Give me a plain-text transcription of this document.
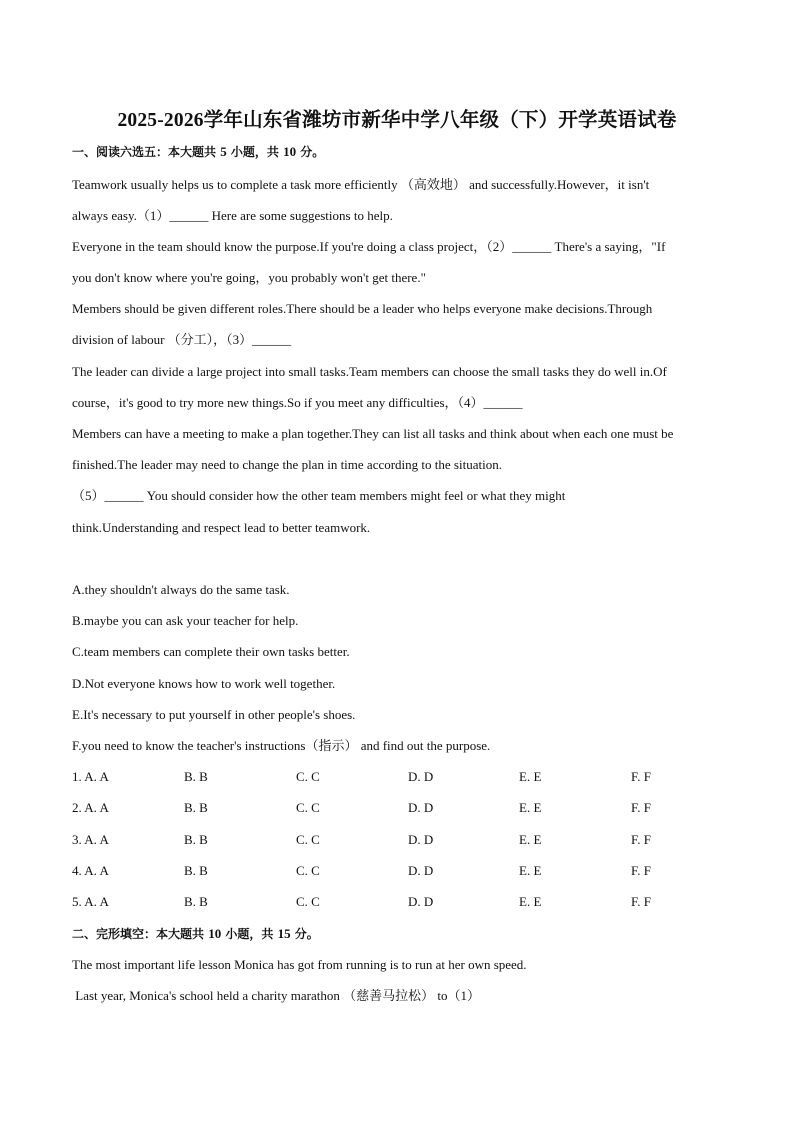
2025-2026学年山东省潍坊市新华中学八年级（下）开学英语试卷
一、阅读六选五：本大题共 5 小题，共 10 分。
Teamwork usually helps us to complete a task more efficiently （高效地） and successfully.However，it isn't
always easy.（1）______ Here are some suggestions to help.
Everyone in the team should know the purpose.If you're doing a class project，（2）______ There's a saying，"If
you don't know where you're going，you probably won't get there."
Members should be given different roles.There should be a leader who helps everyone make decisions.Through
division of labour （分工），（3）______
The leader can divide a large project into small tasks.Team members can choose the small tasks they do well in.Of
course，it's good to try more new things.So if you meet any difficulties，（4）______
Members can have a meeting to make a plan together.They can list all tasks and think about when each one must be
finished.The leader may need to change the plan in time according to the situation.
（5）______ You should consider how the other team members might feel or what they might
think.Understanding and respect lead to better teamwork.
A.they shouldn't always do the same task.
B.maybe you can ask your teacher for help.
C.team members can complete their own tasks better.
D.Not everyone knows how to work well together.
E.It's necessary to put yourself in other people's shoes.
F.you need to know the teacher's instructions（指示） and find out the purpose.
1. A. A	B. B	C. C	D. D	E. E	F. F
2. A. A	B. B	C. C	D. D	E. E	F. F
3. A. A	B. B	C. C	D. D	E. E	F. F
4. A. A	B. B	C. C	D. D	E. E	F. F
5. A. A	B. B	C. C	D. D	E. E	F. F
二、完形填空：本大题共 10 小题，共 15 分。
The most important life lesson Monica has got from running is to run at her own speed.
Last year, Monica's school held a charity marathon （慈善马拉松） to（1）
